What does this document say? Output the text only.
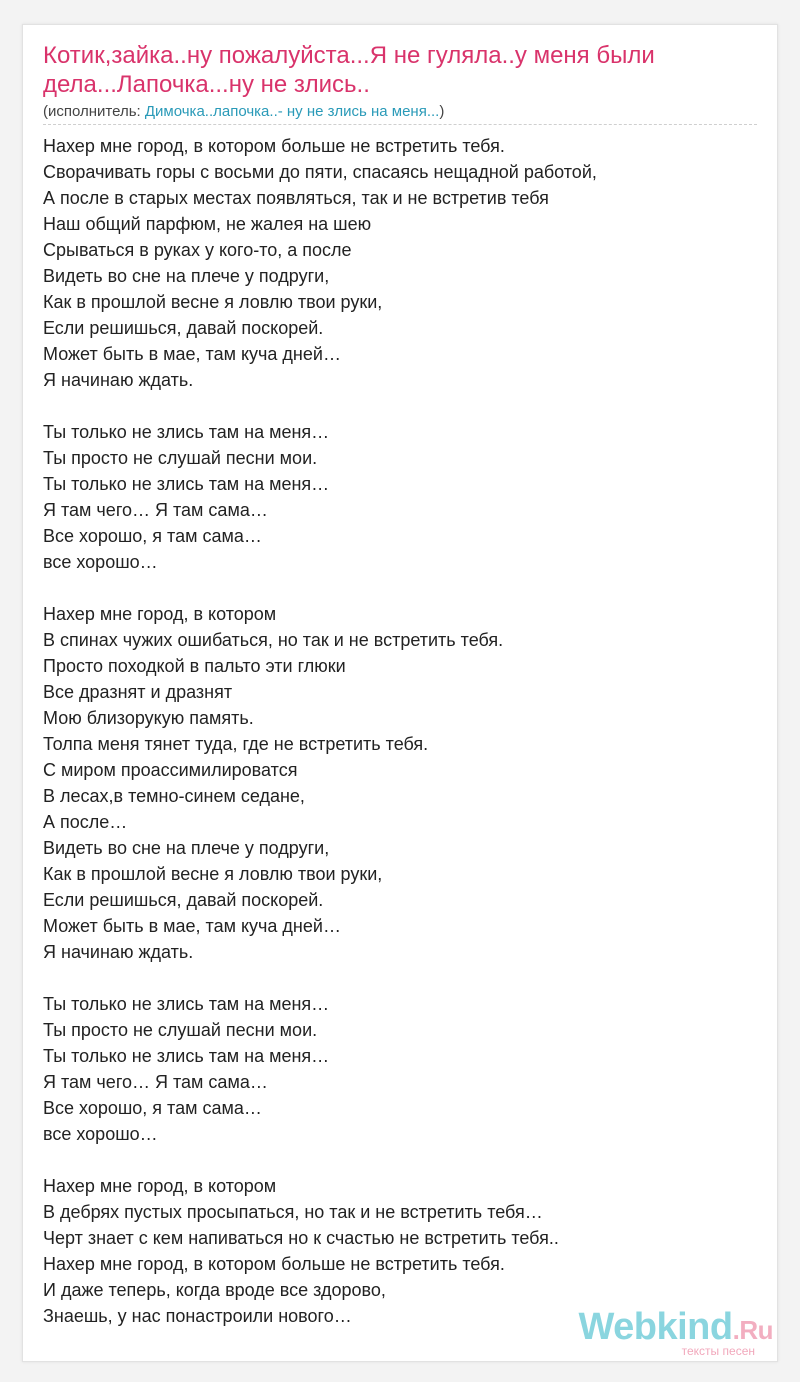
Котик,зайка..ну пожалуйста...Я не гуляла..у меня были дела...Лапочка...ну не злись..
(исполнитель: Димочка..лапочка..- ну не злись на меня...)
Нахер мне город, в котором больше не встретить тебя.
Сворачивать горы с восьми до пяти, спасаясь нещадной работой,
А после в старых местах появляться, так и не встретив тебя
Наш общий парфюм, не жалея на шею
Срываться в руках у кого-то, а после
Видеть во сне на плече у подруги,
Как в прошлой весне я ловлю твои руки,
Если решишься, давай поскорей.
Может быть в мае, там куча дней…
Я начинаю ждать.
Ты только не злись там на меня…
Ты просто не слушай песни мои.
Ты только не злись там на меня…
Я там чего… Я там сама…
Все хорошо, я там сама…
все хорошо…
Нахер мне город, в котором
В спинах чужих ошибаться, но так и не встретить тебя.
Просто походкой в пальто эти глюки
Все дразнят и дразнят
Мою близорукую память.
Толпа меня тянет туда, где не встретить тебя.
С миром проассимилироватся
В лесах,в темно-синем седане,
А после…
Видеть во сне на плече у подруги,
Как в прошлой весне я ловлю твои руки,
Если решишься, давай поскорей.
Может быть в мае, там куча дней…
Я начинаю ждать.
Ты только не злись там на меня…
Ты просто не слушай песни мои.
Ты только не злись там на меня…
Я там чего… Я там сама…
Все хорошо, я там сама…
все хорошо…
Нахер мне город, в котором
В дебрях пустых просыпаться, но так и не встретить тебя…
Черт знает с кем напиваться но к счастью не встретить тебя..
Нахер мне город, в котором больше не встретить тебя.
И даже теперь, когда вроде все здорово,
Знаешь, у нас понастроили нового…	Webkind.Ru
тексты песен
